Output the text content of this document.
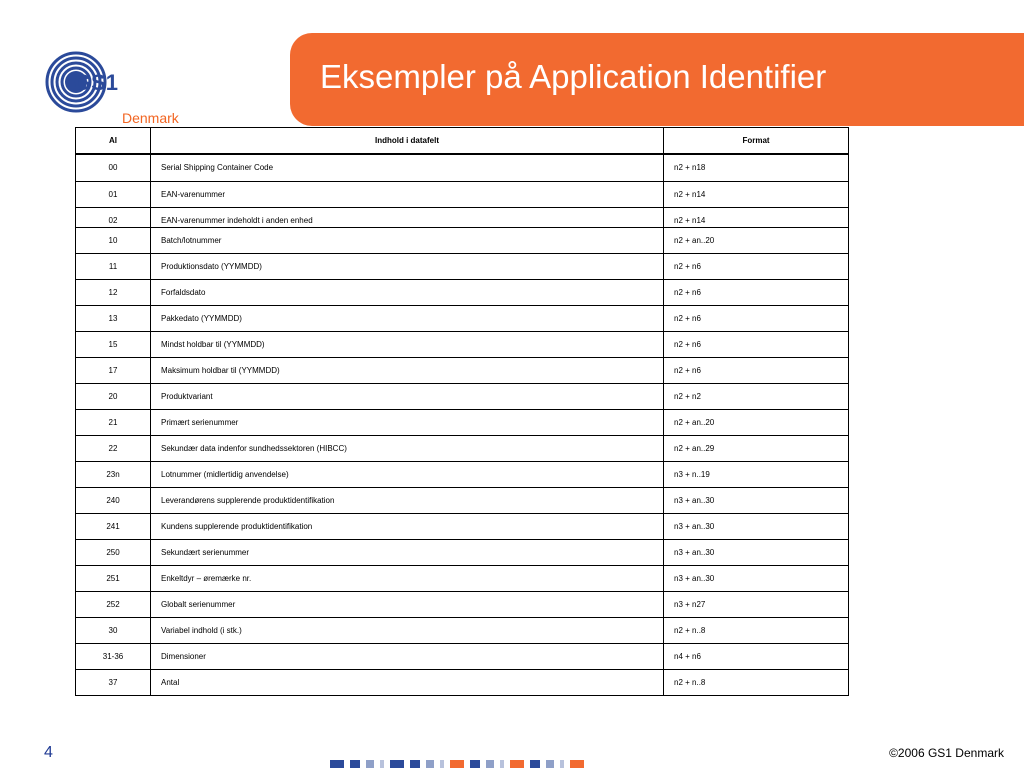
GS1
Denmark
Eksempler på Application Identifier
AI	Indhold i datafelt	Format
00	Serial Shipping Container Code	n2 + n18
01	EAN-varenummer	n2 + n14
02	EAN-varenummer indeholdt i anden enhed	n2 + n14
10	Batch/lotnummer	n2 + an..20
11	Produktionsdato (YYMMDD)	n2 + n6
12	Forfaldsdato	n2 + n6
13	Pakkedato (YYMMDD)	n2 + n6
15	Mindst holdbar til (YYMMDD)	n2 + n6
17	Maksimum holdbar til (YYMMDD)	n2 + n6
20	Produktvariant	n2 + n2
21	Primært serienummer	n2 + an..20
22	Sekundær data indenfor sundhedssektoren (HIBCC)	n2 + an..29
23n	Lotnummer (midlertidig anvendelse)	n3 + n..19
240	Leverandørens supplerende produktidentifikation	n3 + an..30
241	Kundens supplerende produktidentifikation	n3 + an..30
250	Sekundært serienummer	n3 + an..30
251	Enkeltdyr – øremærke nr.	n3 + an..30
252	Globalt serienummer	n3 + n27
30	Variabel indhold (i stk.)	n2 + n..8
31-36	Dimensioner	n4 + n6
37	Antal	n2 + n..8
4	©2006 GS1 Denmark
